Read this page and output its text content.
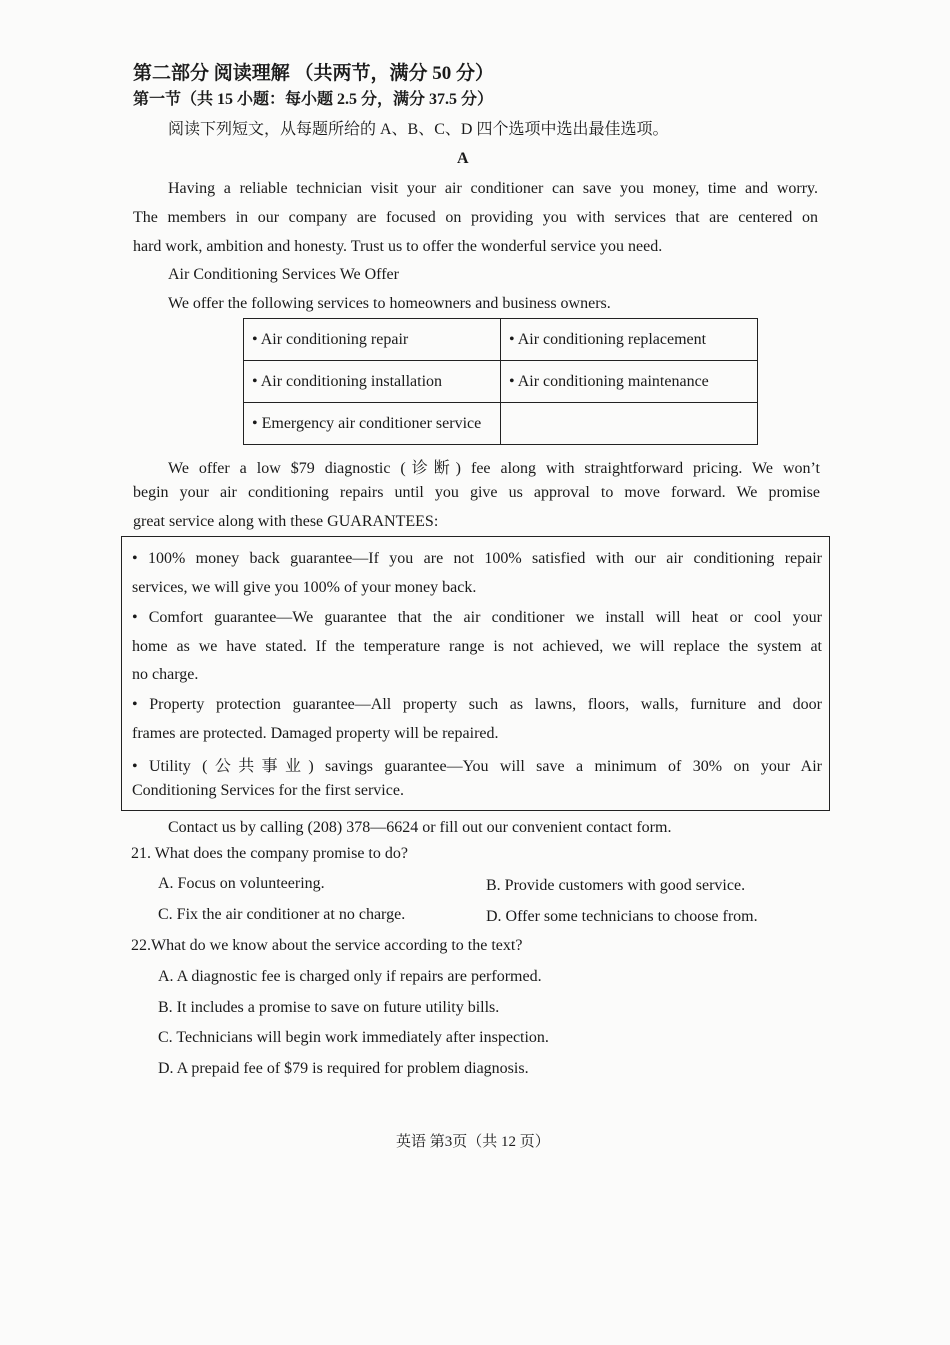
第二部分 阅读理解 （共两节，满分 50 分）
第一节（共 15 小题：每小题 2.5 分，满分 37.5 分）
阅读下列短文，从每题所给的 A、B、C、D 四个选项中选出最佳选项。
A
Having a reliable technician visit your air conditioner can save you money, time and worry.
The members in our company are focused on providing you with services that are centered on
hard work, ambition and honesty. Trust us to offer the wonderful service you need.
Air Conditioning Services We Offer
We offer the following services to homeowners and business owners.
• Air conditioning repair	• Air conditioning replacement
• Air conditioning installation	• Air conditioning maintenance
• Emergency air conditioner service	
We offer a low $79 diagnostic (诊断) fee along with straightforward pricing. We won’t
begin your air conditioning repairs until you give us approval to move forward. We promise
great service along with these GUARANTEES:
• 100% money back guarantee—If you are not 100% satisfied with our air conditioning repair
services, we will give you 100% of your money back.
• Comfort guarantee—We guarantee that the air conditioner we install will heat or cool your
home as we have stated. If the temperature range is not achieved, we will replace the system at
no charge.
• Property protection guarantee—All property such as lawns, floors, walls, furniture and door
frames are protected. Damaged property will be repaired.
• Utility (公共事业) savings guarantee—You will save a minimum of 30% on your Air
Conditioning Services for the first service.
Contact us by calling (208) 378—6624 or fill out our convenient contact form.
21. What does the company promise to do?
A. Focus on volunteering.	B. Provide customers with good service.
C. Fix the air conditioner at no charge.	D. Offer some technicians to choose from.
22.What do we know about the service according to the text?
A. A diagnostic fee is charged only if repairs are performed.
B. It includes a promise to save on future utility bills.
C. Technicians will begin work immediately after inspection.
D. A prepaid fee of $79 is required for problem diagnosis.
英语 第3页（共 12 页）
